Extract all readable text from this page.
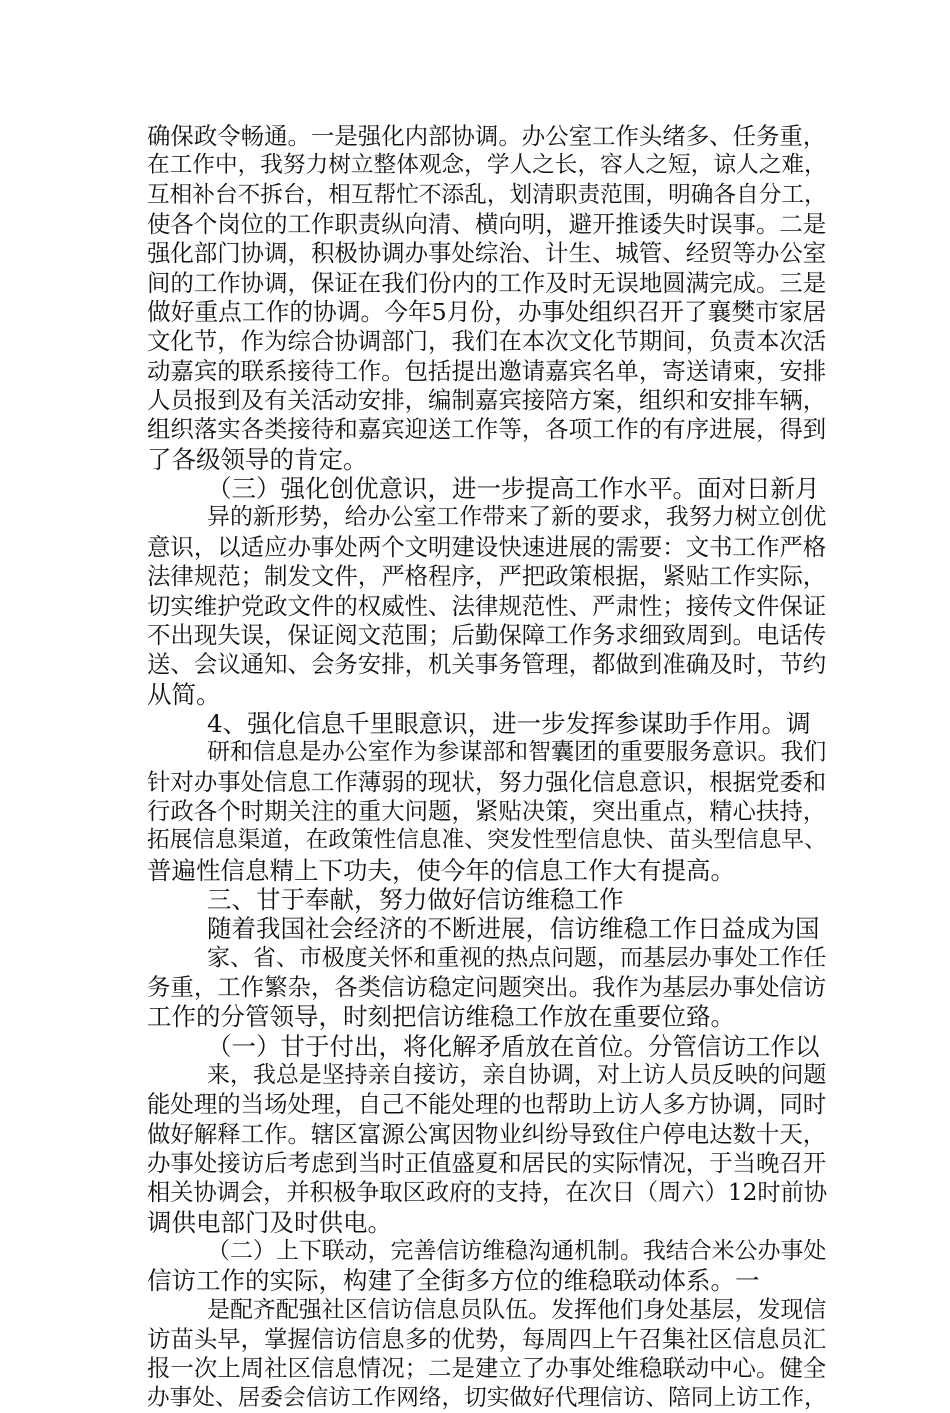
确保政令畅通。一是强化内部协调。办公室工作头绪多、任务重，
在工作中，我努力树立整体观念，学人之长，容人之短，谅人之难，
互相补台不拆台，相互帮忙不添乱，划清职责范围，明确各自分工，
使各个岗位的工作职责纵向清、横向明，避开推诿失时误事。二是
强化部门协调，积极协调办事处综治、计生、城管、经贸等办公室
间的工作协调，保证在我们份内的工作及时无误地圆满完成。三是
做好重点工作的协调。今年5月份，办事处组织召开了襄樊市家居
文化节，作为综合协调部门，我们在本次文化节期间，负责本次活
动嘉宾的联系接待工作。包括提出邀请嘉宾名单，寄送请柬，安排
人员报到及有关活动安排，编制嘉宾接陪方案，组织和安排车辆，
组织落实各类接待和嘉宾迎送工作等，各项工作的有序进展，得到
了各级领导的肯定。
（三）强化创优意识，进一步提高工作水平。面对日新月
异的新形势，给办公室工作带来了新的要求，我努力树立创优
意识，以适应办事处两个文明建设快速进展的需要：文书工作严格
法律规范；制发文件，严格程序，严把政策根据，紧贴工作实际，
切实维护党政文件的权威性、法律规范性、严肃性；接传文件保证
不出现失误，保证阅文范围；后勤保障工作务求细致周到。电话传
送、会议通知、会务安排，机关事务管理，都做到准确及时，节约
从简。
4、强化信息千里眼意识，进一步发挥参谋助手作用。调
研和信息是办公室作为参谋部和智囊团的重要服务意识。我们
针对办事处信息工作薄弱的现状，努力强化信息意识，根据党委和
行政各个时期关注的重大问题，紧贴决策，突出重点，精心扶持，
拓展信息渠道，在政策性信息准、突发性型信息快、苗头型信息早、
普遍性信息精上下功夫，使今年的信息工作大有提高。
三、甘于奉献，努力做好信访维稳工作
随着我国社会经济的不断进展，信访维稳工作日益成为国
家、省、市极度关怀和重视的热点问题，而基层办事处工作任
务重，工作繁杂，各类信访稳定问题突出。我作为基层办事处信访
工作的分管领导，时刻把信访维稳工作放在重要位臵。
（一）甘于付出，将化解矛盾放在首位。分管信访工作以
来，我总是坚持亲自接访，亲自协调，对上访人员反映的问题
能处理的当场处理，自己不能处理的也帮助上访人多方协调，同时
做好解释工作。辖区富源公寓因物业纠纷导致住户停电达数十天，
办事处接访后考虑到当时正值盛夏和居民的实际情况，于当晚召开
相关协调会，并积极争取区政府的支持，在次日（周六）12时前协
调供电部门及时供电。
（二）上下联动，完善信访维稳沟通机制。我结合米公办事处
信访工作的实际，构建了全街多方位的维稳联动体系。一
是配齐配强社区信访信息员队伍。发挥他们身处基层，发现信
访苗头早，掌握信访信息多的优势，每周四上午召集社区信息员汇
报一次上周社区信息情况；二是建立了办事处维稳联动中心。健全
办事处、居委会信访工作网络，切实做好代理信访、陪同上访工作，
